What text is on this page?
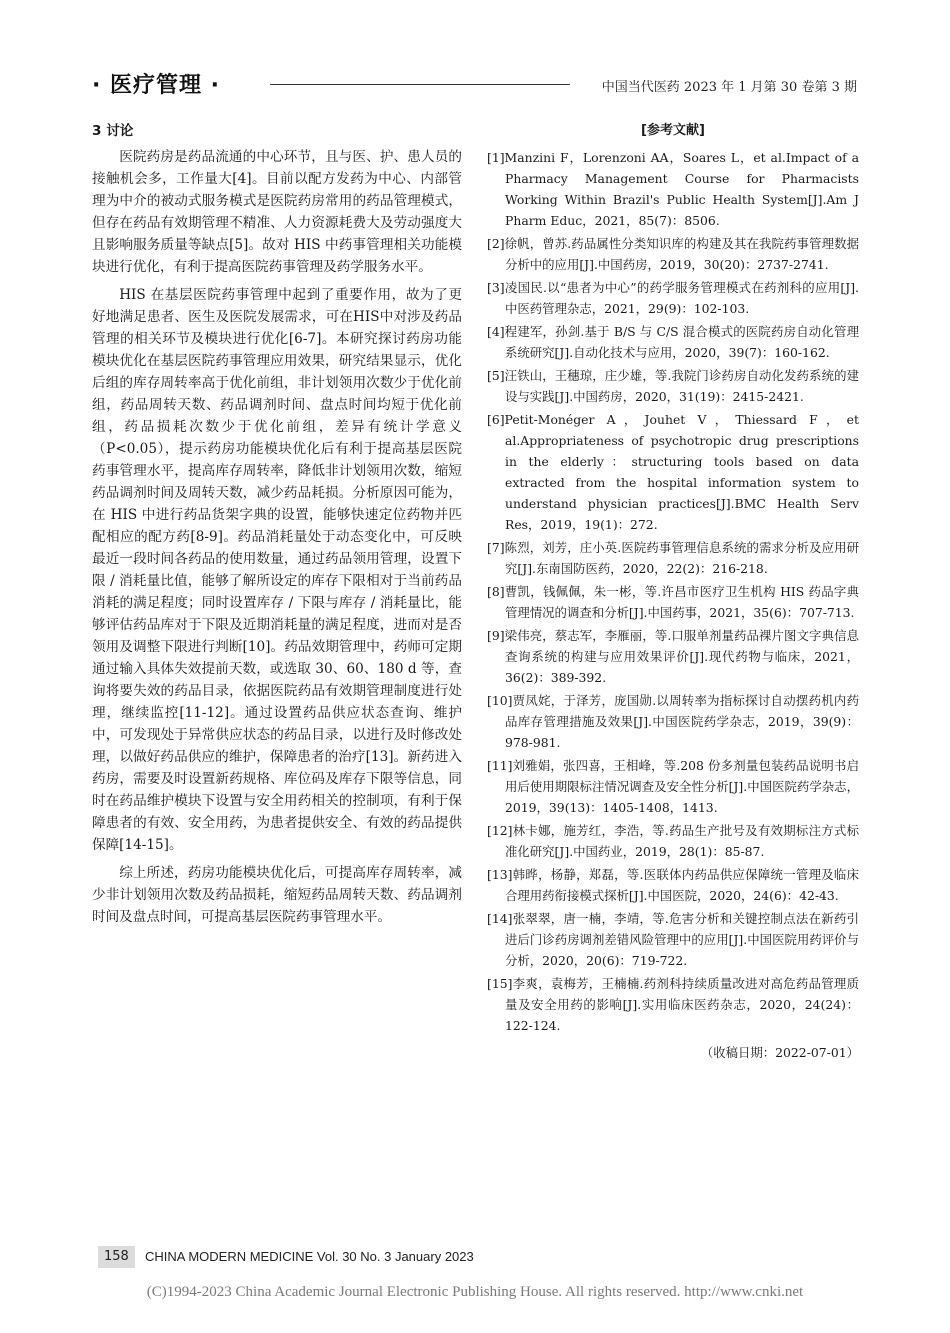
· 医疗管理 ·	中国当代医药 2023 年 1 月第 30 卷第 3 期
3 讨论

医院药房是药品流通的中心环节，且与医、护、患人员的接触机会多，工作量大[4]。目前以配方发药为中心、内部管理为中介的被动式服务模式是医院药房常用的药品管理模式，但存在药品有效期管理不精准、人力资源耗费大及劳动强度大且影响服务质量等缺点[5]。故对 HIS 中药事管理相关功能模块进行优化，有利于提高医院药事管理及药学服务水平。

HIS 在基层医院药事管理中起到了重要作用，故为了更好地满足患者、医生及医院发展需求，可在HIS中对涉及药品管理的相关环节及模块进行优化[6-7]。本研究探讨药房功能模块优化在基层医院药事管理应用效果，研究结果显示，优化后组的库存周转率高于优化前组，非计划领用次数少于优化前组，药品周转天数、药品调剂时间、盘点时间均短于优化前组，药品损耗次数少于优化前组，差异有统计学意义（P<0.05），提示药房功能模块优化后有利于提高基层医院药事管理水平，提高库存周转率，降低非计划领用次数，缩短药品调剂时间及周转天数，减少药品耗损。分析原因可能为，在 HIS 中进行药品货架字典的设置，能够快速定位药物并匹配相应的配方药[8-9]。药品消耗量处于动态变化中，可反映最近一段时间各药品的使用数量，通过药品领用管理，设置下限 / 消耗量比值，能够了解所设定的库存下限相对于当前药品消耗的满足程度；同时设置库存 / 下限与库存 / 消耗量比，能够评估药品库对于下限及近期消耗量的满足程度，进而对是否领用及调整下限进行判断[10]。药品效期管理中，药师可定期通过输入具体失效提前天数，或选取 30、60、180 d 等，查询将要失效的药品目录，依据医院药品有效期管理制度进行处理，继续监控[11-12]。通过设置药品供应状态查询、维护中，可发现处于异常供应状态的药品目录，以进行及时修改处理，以做好药品供应的维护，保障患者的治疗[13]。新药进入药房，需要及时设置新药规格、库位码及库存下限等信息，同时在药品维护模块下设置与安全用药相关的控制项，有利于保障患者的有效、安全用药，为患者提供安全、有效的药品提供保障[14-15]。

综上所述，药房功能模块优化后，可提高库存周转率，减少非计划领用次数及药品损耗，缩短药品周转天数、药品调剂时间及盘点时间，可提高基层医院药事管理水平。

[参考文献]
[1]Manzini F，Lorenzoni AA，Soares L，et al.Impact of a Pharmacy Management Course for Pharmacists Working Within Brazil's Public Health System[J].Am J Pharm Educ，2021，85(7)：8506.
[2]徐帆，曾苏.药品属性分类知识库的构建及其在我院药事管理数据分析中的应用[J].中国药房，2019，30(20)：2737-2741.
[3]凌国民.以“患者为中心”的药学服务管理模式在药剂科的应用[J].中医药管理杂志，2021，29(9)：102-103.
[4]程建军，孙剑.基于 B/S 与 C/S 混合模式的医院药房自动化管理系统研究[J].自动化技术与应用，2020，39(7)：160-162.
[5]汪铁山，王穗琼，庄少雄，等.我院门诊药房自动化发药系统的建设与实践[J].中国药房，2020，31(19)：2415-2421.
[6]Petit-Monéger A，Jouhet V，Thiessard F，et al.Appropriateness of psychotropic drug prescriptions in the elderly：structuring tools based on data extracted from the hospital information system to understand physician practices[J].BMC Health Serv Res，2019，19(1)：272.
[7]陈烈，刘芳，庄小英.医院药事管理信息系统的需求分析及应用研究[J].东南国防医药，2020，22(2)：216-218.
[8]曹凯，钱佩佩，朱一彬，等.许昌市医疗卫生机构 HIS 药品字典管理情况的调查和分析[J].中国药事，2021，35(6)：707-713.
[9]梁伟亮，蔡志军，李雁丽，等.口服单剂量药品裸片图文字典信息查询系统的构建与应用效果评价[J].现代药物与临床，2021，36(2)：389-392.
[10]贾凤姹，于泽芳，庞国勋.以周转率为指标探讨自动摆药机内药品库存管理措施及效果[J].中国医院药学杂志，2019，39(9)：978-981.
[11]刘雅娟，张四喜，王相峰，等.208 份多剂量包装药品说明书启用后使用期限标注情况调查及安全性分析[J].中国医院药学杂志，2019，39(13)：1405-1408，1413.
[12]林卡娜，施芳红，李浩，等.药品生产批号及有效期标注方式标准化研究[J].中国药业，2019，28(1)：85-87.
[13]韩晔，杨静，郑磊，等.医联体内药品供应保障统一管理及临床合理用药衔接模式探析[J].中国医院，2020，24(6)：42-43.
[14]张翠翠，唐一楠，李靖，等.危害分析和关键控制点法在新药引进后门诊药房调剂差错风险管理中的应用[J].中国医院用药评价与分析，2020，20(6)：719-722.
[15]李爽，袁梅芳，王楠楠.药剂科持续质量改进对高危药品管理质量及安全用药的影响[J].实用临床医药杂志，2020，24(24)：122-124.
（收稿日期：2022-07-01）
158	CHINA MODERN MEDICINE Vol. 30 No. 3 January 2023
(C)1994-2023 China Academic Journal Electronic Publishing House. All rights reserved. http://www.cnki.net
